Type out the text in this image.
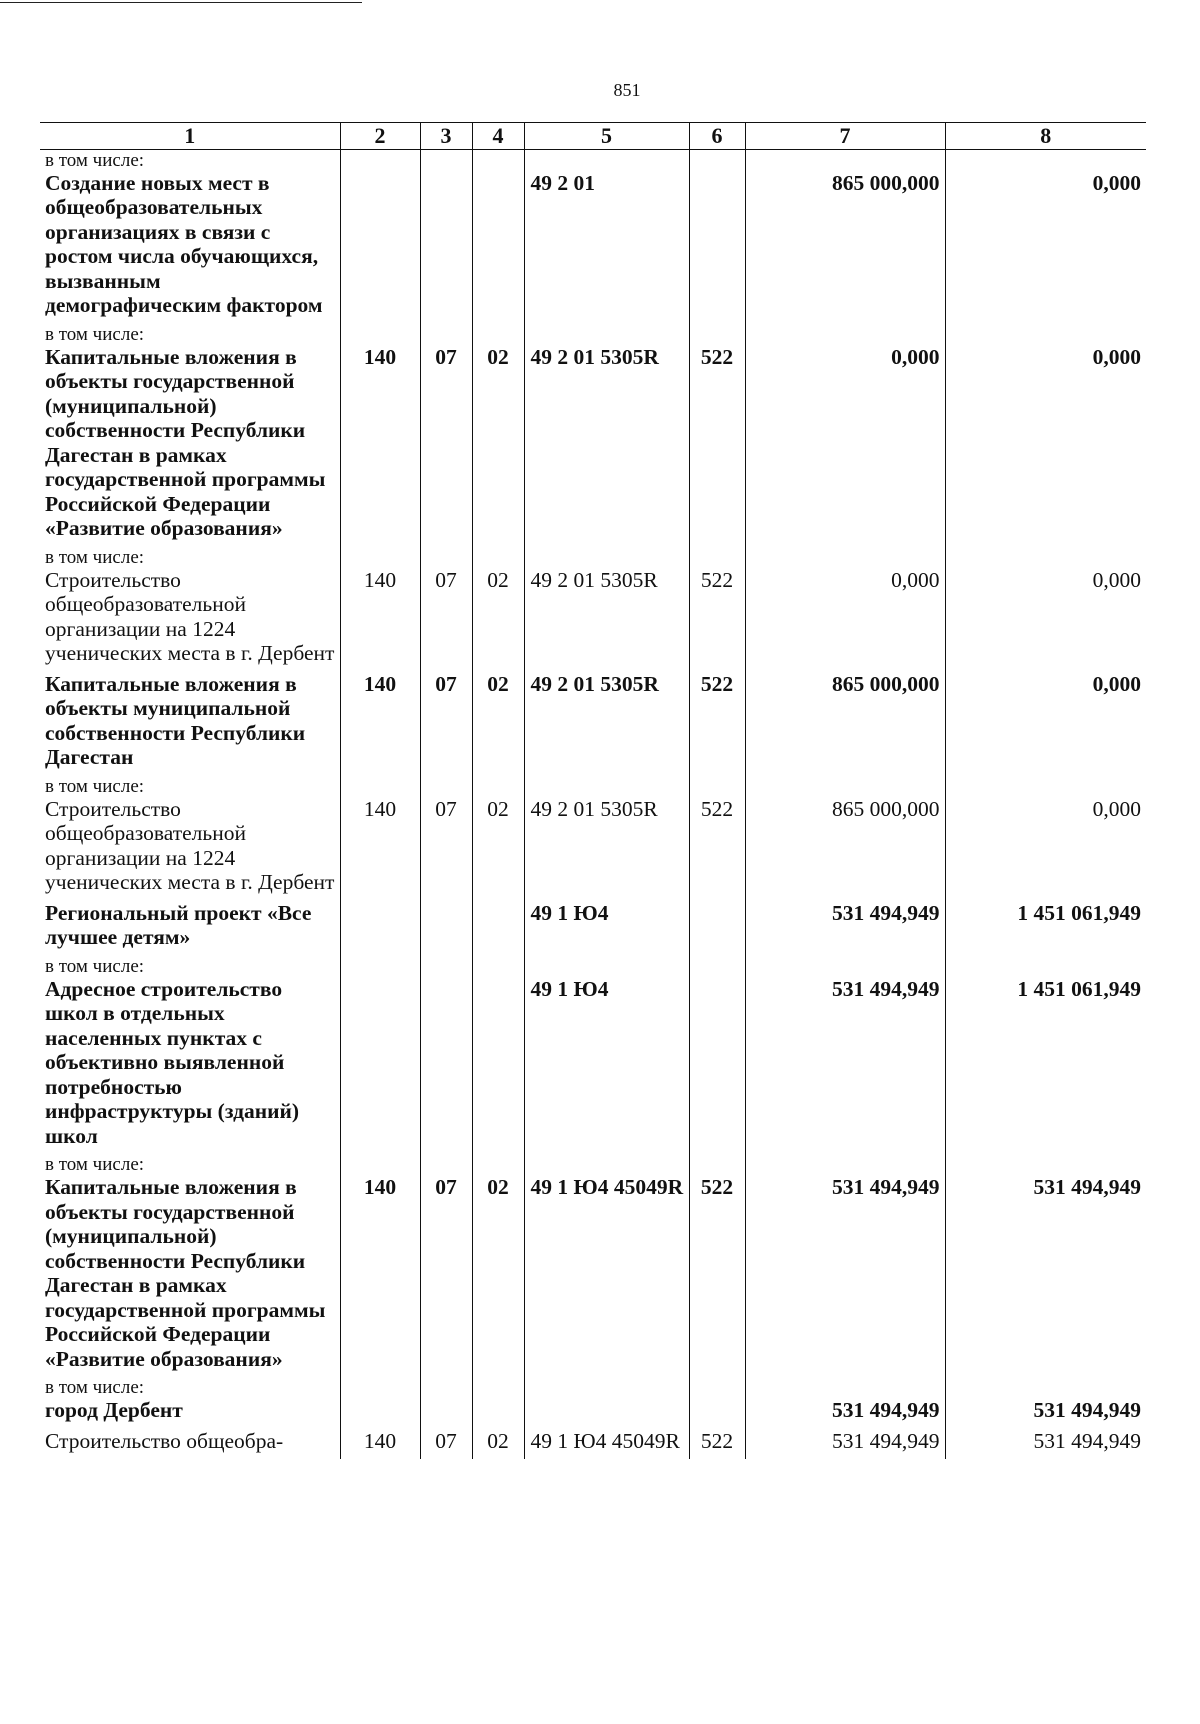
851
1	2	3	4	5	6	7	8
в том числе:							
Создание новых мест в общеобразовательных организациях в связи с ростом числа обучающихся, вызванным демографическим фактором				49 2 01		865 000,000	0,000

в том числе:							
Капитальные вложения в объекты государственной (муниципальной) собственности Республики Дагестан в рамках государственной программы Российской Федерации «Развитие образования»	140	07	02	49 2 01 5305R	522	0,000	0,000

в том числе:							
Строительство общеобразовательной организации на 1224 ученических места в г. Дербент	140	07	02	49 2 01 5305R	522	0,000	0,000

Капитальные вложения в объекты муниципальной собственности Республики Дагестан	140	07	02	49 2 01 5305R	522	865 000,000	0,000

в том числе:							
Строительство общеобразовательной организации на 1224 ученических места в г. Дербент	140	07	02	49 2 01 5305R	522	865 000,000	0,000

Региональный проект «Все лучшее детям»				49 1 Ю4		531 494,949	1 451 061,949

в том числе:							
Адресное строительство школ в отдельных населенных пунктах с объективно выявленной потребностью инфраструктуры (зданий) школ				49 1 Ю4		531 494,949	1 451 061,949

в том числе:							
Капитальные вложения в объекты государственной (муниципальной) собственности Республики Дагестан в рамках государственной программы Российской Федерации «Развитие образования»	140	07	02	49 1 Ю4 45049R	522	531 494,949	531 494,949

в том числе:							
город Дербент						531 494,949	531 494,949

Строительство общеобра-	140	07	02	49 1 Ю4 45049R	522	531 494,949	531 494,949
